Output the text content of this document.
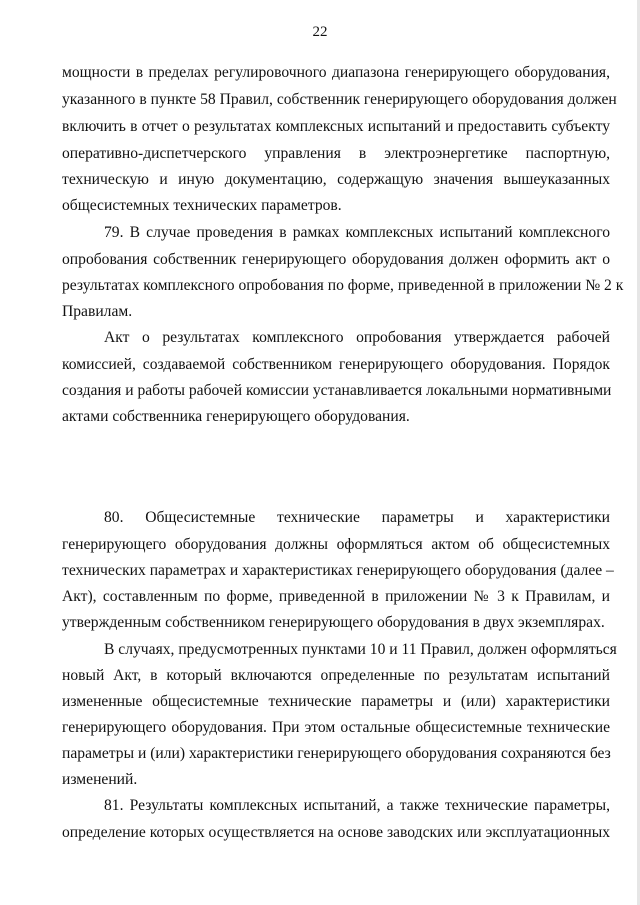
22
мощности в пределах регулировочного диапазона генерирующего оборудования,
указанного в пункте 58 Правил, собственник генерирующего оборудования должен
включить в отчет о результатах комплексных испытаний и предоставить субъекту
оперативно-диспетчерского управления в электроэнергетике паспортную,
техническую и иную документацию, содержащую значения вышеуказанных
общесистемных технических параметров.
79. В случае проведения в рамках комплексных испытаний комплексного
опробования собственник генерирующего оборудования должен оформить акт о
результатах комплексного опробования по форме, приведенной в приложении № 2 к
Правилам.
Акт о результатах комплексного опробования утверждается рабочей
комиссией, создаваемой собственником генерирующего оборудования. Порядок
создания и работы рабочей комиссии устанавливается локальными нормативными
актами собственника генерирующего оборудования.
80. Общесистемные технические параметры и характеристики
генерирующего оборудования должны оформляться актом об общесистемных
технических параметрах и характеристиках генерирующего оборудования (далее –
Акт), составленным по форме, приведенной в приложении № 3 к Правилам, и
утвержденным собственником генерирующего оборудования в двух экземплярах.
В случаях, предусмотренных пунктами 10 и 11 Правил, должен оформляться
новый Акт, в который включаются определенные по результатам испытаний
измененные общесистемные технические параметры и (или) характеристики
генерирующего оборудования. При этом остальные общесистемные технические
параметры и (или) характеристики генерирующего оборудования сохраняются без
изменений.
81. Результаты комплексных испытаний, а также технические параметры,
определение которых осуществляется на основе заводских или эксплуатационных
